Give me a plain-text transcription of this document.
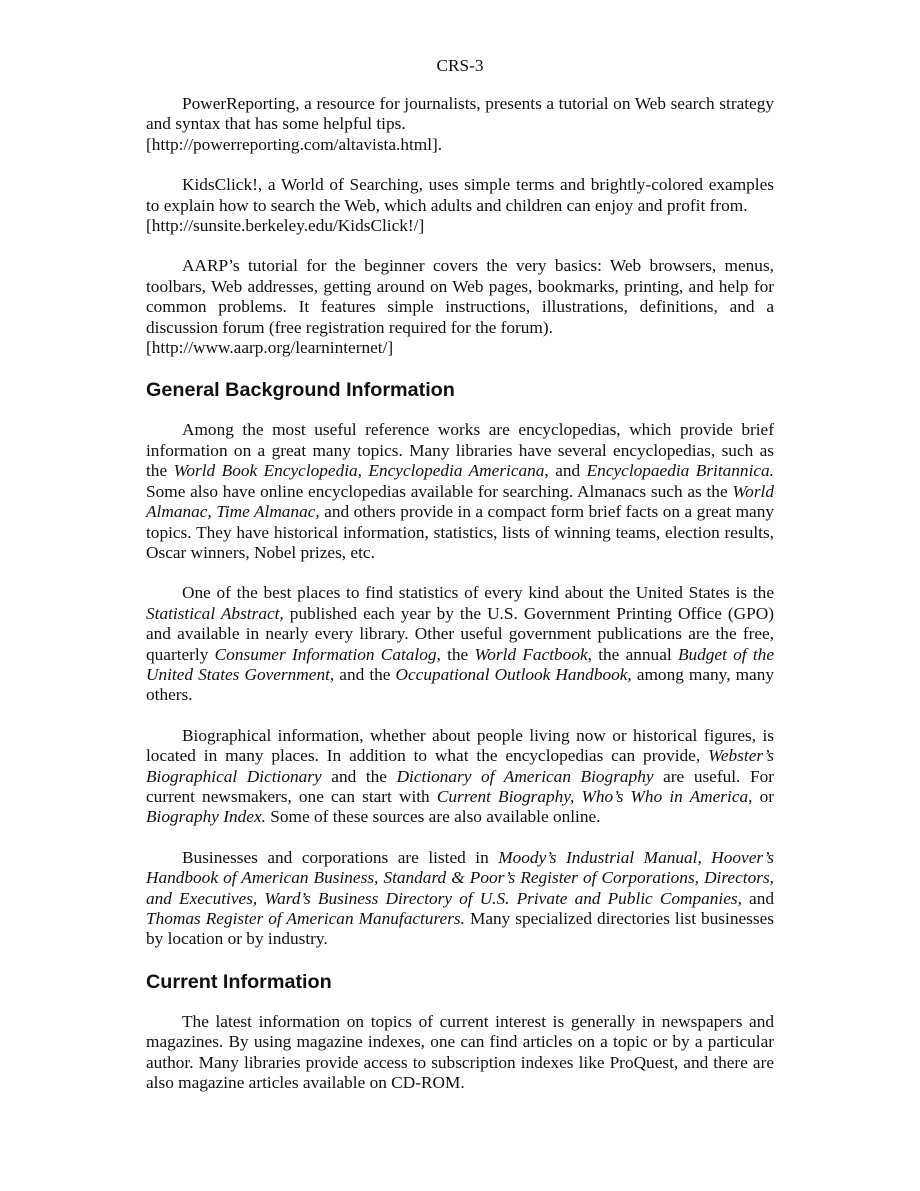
CRS-3

PowerReporting, a resource for journalists, presents a tutorial on Web search strategy and syntax that has some helpful tips.
[http://powerreporting.com/altavista.html].

KidsClick!, a World of Searching, uses simple terms and brightly-colored examples to explain how to search the Web, which adults and children can enjoy and profit from.
[http://sunsite.berkeley.edu/KidsClick!/]

AARP’s tutorial for the beginner covers the very basics: Web browsers, menus, toolbars, Web addresses, getting around on Web pages, bookmarks, printing, and help for common problems. It features simple instructions, illustrations, definitions, and a discussion forum (free registration required for the forum).
[http://www.aarp.org/learninternet/]

General Background Information

Among the most useful reference works are encyclopedias, which provide brief information on a great many topics. Many libraries have several encyclopedias, such as the World Book Encyclopedia, Encyclopedia Americana, and Encyclopaedia Britannica. Some also have online encyclopedias available for searching. Almanacs such as the World Almanac, Time Almanac, and others provide in a compact form brief facts on a great many topics. They have historical information, statistics, lists of winning teams, election results, Oscar winners, Nobel prizes, etc.

One of the best places to find statistics of every kind about the United States is the Statistical Abstract, published each year by the U.S. Government Printing Office (GPO) and available in nearly every library. Other useful government publications are the free, quarterly Consumer Information Catalog, the World Factbook, the annual Budget of the United States Government, and the Occupational Outlook Handbook, among many, many others.

Biographical information, whether about people living now or historical figures, is located in many places. In addition to what the encyclopedias can provide, Webster’s Biographical Dictionary and the Dictionary of American Biography are useful. For current newsmakers, one can start with Current Biography, Who’s Who in America, or Biography Index. Some of these sources are also available online.

Businesses and corporations are listed in Moody’s Industrial Manual, Hoover’s Handbook of American Business, Standard & Poor’s Register of Corporations, Directors, and Executives, Ward’s Business Directory of U.S. Private and Public Companies, and Thomas Register of American Manufacturers. Many specialized directories list businesses by location or by industry.

Current Information

The latest information on topics of current interest is generally in newspapers and magazines. By using magazine indexes, one can find articles on a topic or by a particular author. Many libraries provide access to subscription indexes like ProQuest, and there are also magazine articles available on CD-ROM.
